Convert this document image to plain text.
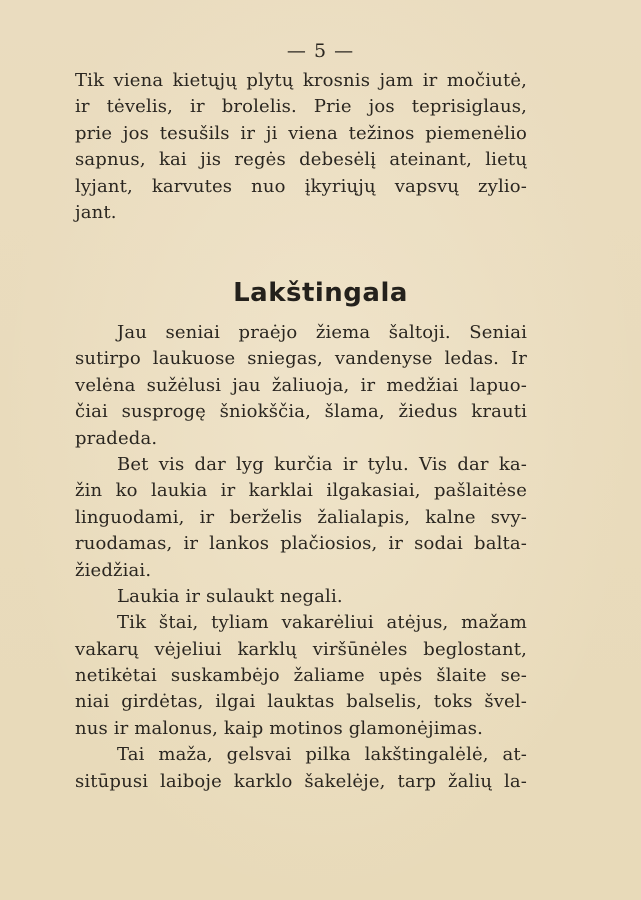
— 5 —
Tik viena kietųjų plytų krosnis jam ir močiutė,
ir tėvelis, ir brolelis. Prie jos teprisiglaus,
prie jos tesušils ir ji viena težinos piemenėlio
sapnus, kai jis regės debesėlį ateinant, lietų
lyjant, karvutes nuo įkyriųjų vapsvų zylio-
jant.
Lakštingala
Jau seniai praėjo žiema šaltoji. Seniai
sutirpo laukuose sniegas, vandenyse ledas. Ir
velėna sužėlusi jau žaliuoja, ir medžiai lapuo-
čiai susprogę šniokščia, šlama, žiedus krauti
pradeda.
Bet vis dar lyg kurčia ir tylu. Vis dar ka-
žin ko laukia ir karklai ilgakasiai, pašlaitėse
linguodami, ir berželis žalialapis, kalne svy-
ruodamas, ir lankos plačiosios, ir sodai balta-
žiedžiai.
Laukia ir sulaukt negali.
Tik štai, tyliam vakarėliui atėjus, mažam
vakarų vėjeliui karklų viršūnėles beglostant,
netikėtai suskambėjo žaliame upės šlaite se-
niai girdėtas, ilgai lauktas balselis, toks švel-
nus ir malonus, kaip motinos glamonėjimas.
Tai maža, gelsvai pilka lakštingalėlė, at-
sitūpusi laiboje karklo šakelėje, tarp žalių la-
